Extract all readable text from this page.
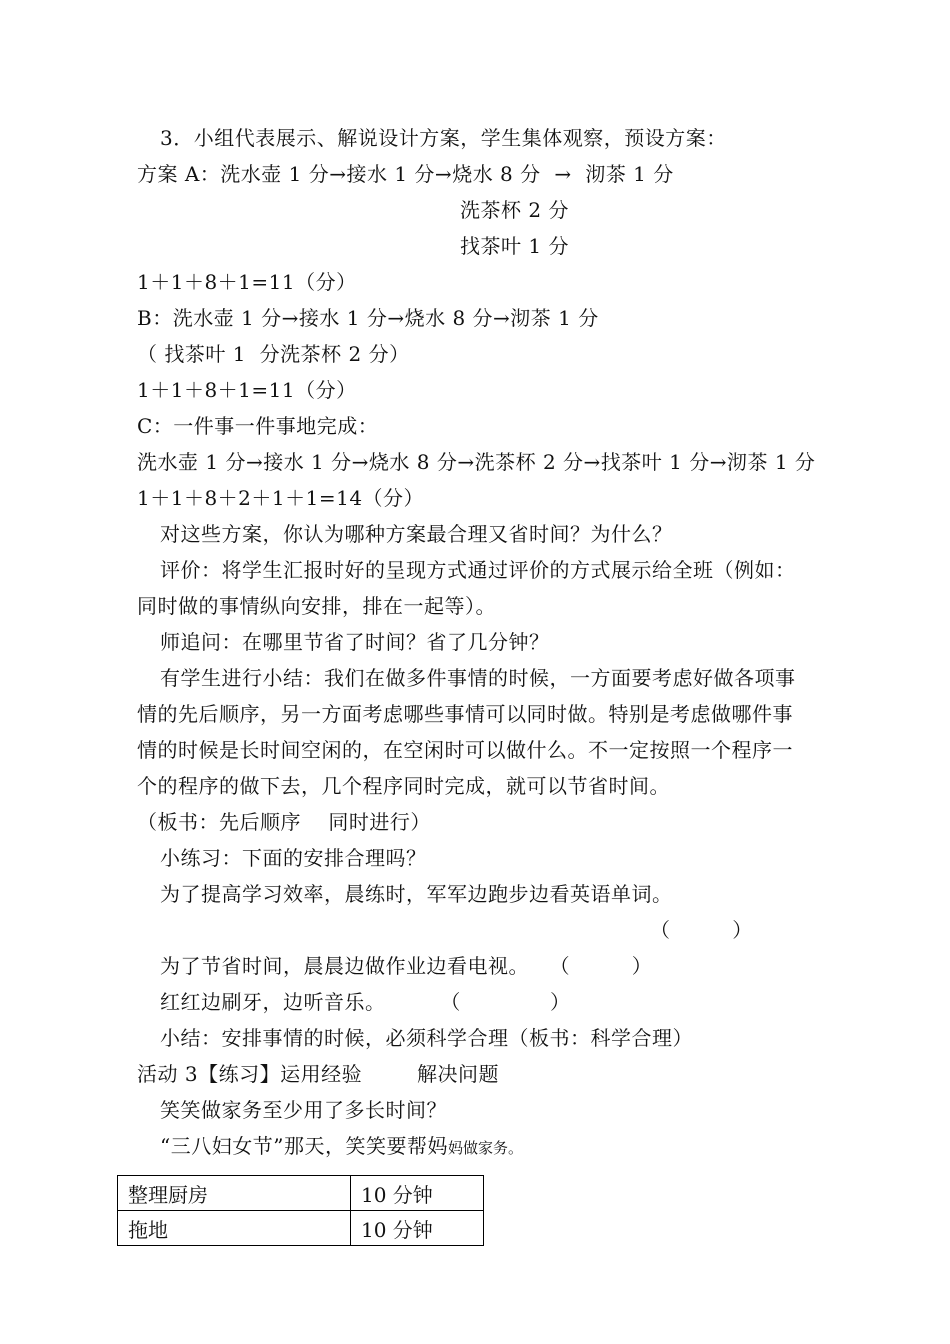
3．小组代表展示、解说设计方案，学生集体观察，预设方案：
方案 A：洗水壶 1 分→接水 1 分→烧水 8 分  →  沏茶 1 分
洗茶杯 2 分
找茶叶 1 分
1＋1＋8＋1=11（分）
B：洗水壶 1 分→接水 1 分→烧水 8 分→沏茶 1 分
（ 找茶叶 1  分洗茶杯 2 分）
1＋1＋8＋1=11（分）
C：一件事一件事地完成：
洗水壶 1 分→接水 1 分→烧水 8 分→洗茶杯 2 分→找茶叶 1 分→沏茶 1 分
1＋1＋8＋2＋1＋1=14（分）
对这些方案，你认为哪种方案最合理又省时间？为什么？
评价：将学生汇报时好的呈现方式通过评价的方式展示给全班（例如：
同时做的事情纵向安排，排在一起等）。
师追问：在哪里节省了时间？省了几分钟？
有学生进行小结：我们在做多件事情的时候，一方面要考虑好做各项事
情的先后顺序，另一方面考虑哪些事情可以同时做。特别是考虑做哪件事
情的时候是长时间空闲的，在空闲时可以做什么。不一定按照一个程序一
个的程序的做下去，几个程序同时完成，就可以节省时间。
（板书：先后顺序    同时进行）
小练习：下面的安排合理吗？
为了提高学习效率，晨练时，军军边跑步边看英语单词。
（         ）
为了节省时间，晨晨边做作业边看电视。   （         ）
红红边刷牙，边听音乐。        （             ）
小结：安排事情的时候，必须科学合理（板书：科学合理）
活动 3【练习】运用经验        解决问题
笑笑做家务至少用了多长时间？
“三八妇女节”那天，笑笑要帮妈妈做家务。
整理厨房	10 分钟
拖地	10 分钟
